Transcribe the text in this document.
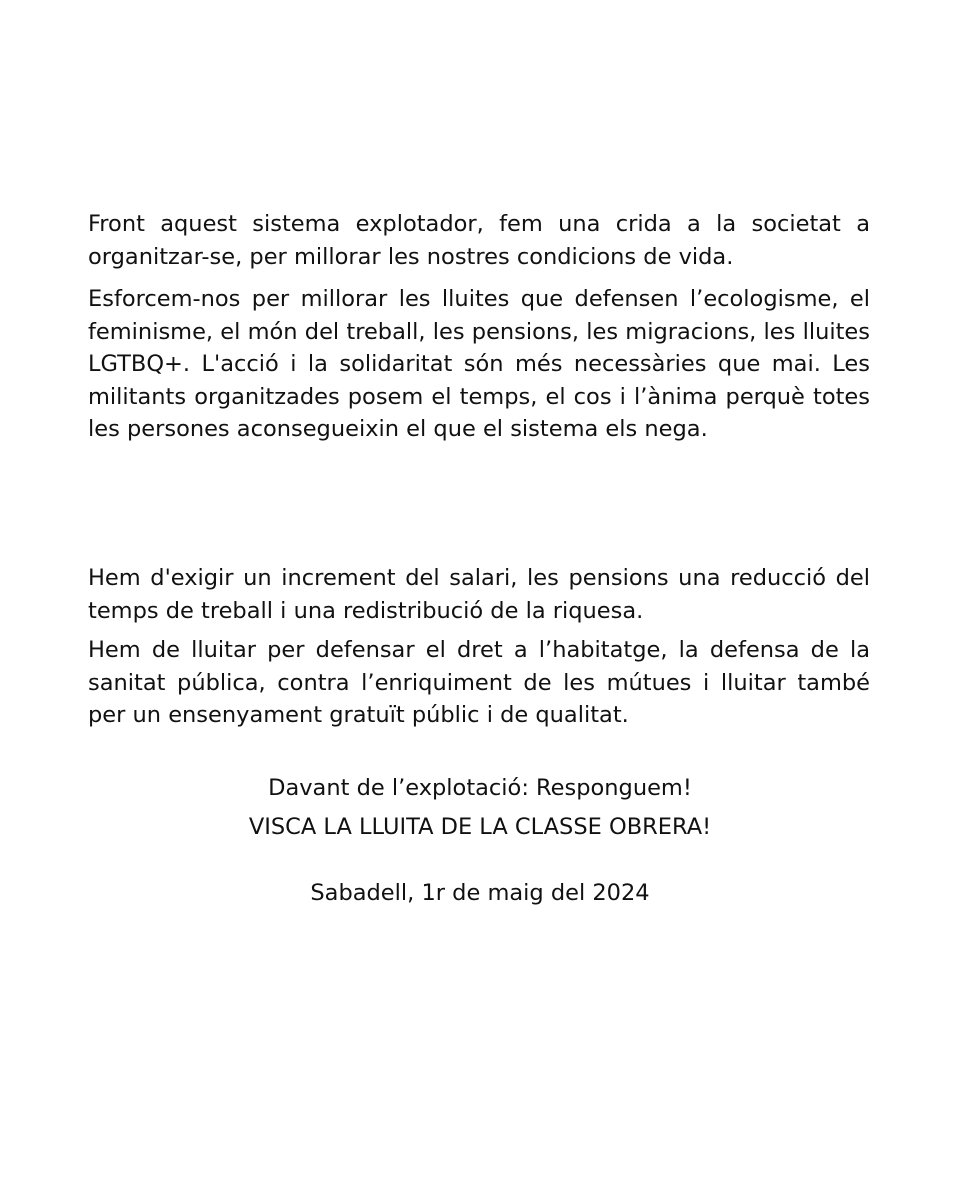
Front aquest sistema explotador, fem una crida a la societat a organitzar-se, per millorar les nostres condicions de vida.

Esforcem-nos per millorar les lluites que defensen l’ecologisme, el feminisme, el món del treball, les pensions, les migracions, les lluites LGTBQ+. L'acció i la solidaritat són més necessàries que mai. Les militants organitzades posem el temps, el cos i l’ànima perquè totes les persones aconsegueixin el que el sistema els nega.

Hem d'exigir un increment del salari, les pensions una reducció del temps de treball i una redistribució de la riquesa.

Hem de lluitar per defensar el dret a l’habitatge, la defensa de la sanitat pública, contra l’enriquiment de les mútues i lluitar també per un ensenyament gratuït públic i de qualitat.

Davant de l’explotació: Responguem!

VISCA LA LLUITA DE LA CLASSE OBRERA!

Sabadell, 1r de maig del 2024
